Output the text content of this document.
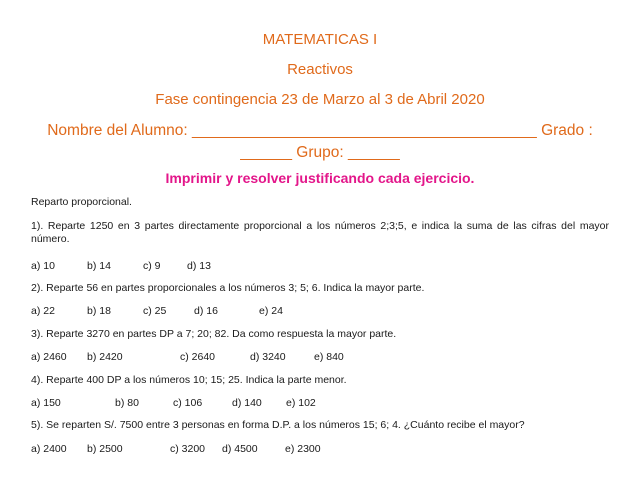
MATEMATICAS I
Reactivos
Fase contingencia 23 de Marzo al 3 de Abril 2020
Nombre del Alumno: ________________________________________ Grado :
______ Grupo: ______
Imprimir y resolver justificando cada ejercicio.
Reparto proporcional.
1). Reparte 1250 en 3 partes directamente proporcional a los números 2;3;5, e indica la suma de las cifras del mayor número.
a) 10	b) 14	c) 9	d) 13
2). Reparte 56 en partes proporcionales a los números 3; 5; 6. Indica la mayor parte.
a) 22	b) 18	c) 25	d) 16	e) 24
3). Reparte 3270 en partes DP a 7; 20; 82. Da como respuesta la mayor parte.
a) 2460 b) 2420	c) 2640	d) 3240	e) 840
4). Reparte 400 DP a los números 10; 15; 25. Indica la parte menor.
a) 150	b) 80	c) 106	d) 140 e) 102
5). Se reparten S/. 7500 entre 3 personas en forma D.P. a los números 15; 6; 4. ¿Cuánto recibe el mayor?
a) 2400 b) 2500	c) 3200 d) 4500	e) 2300
